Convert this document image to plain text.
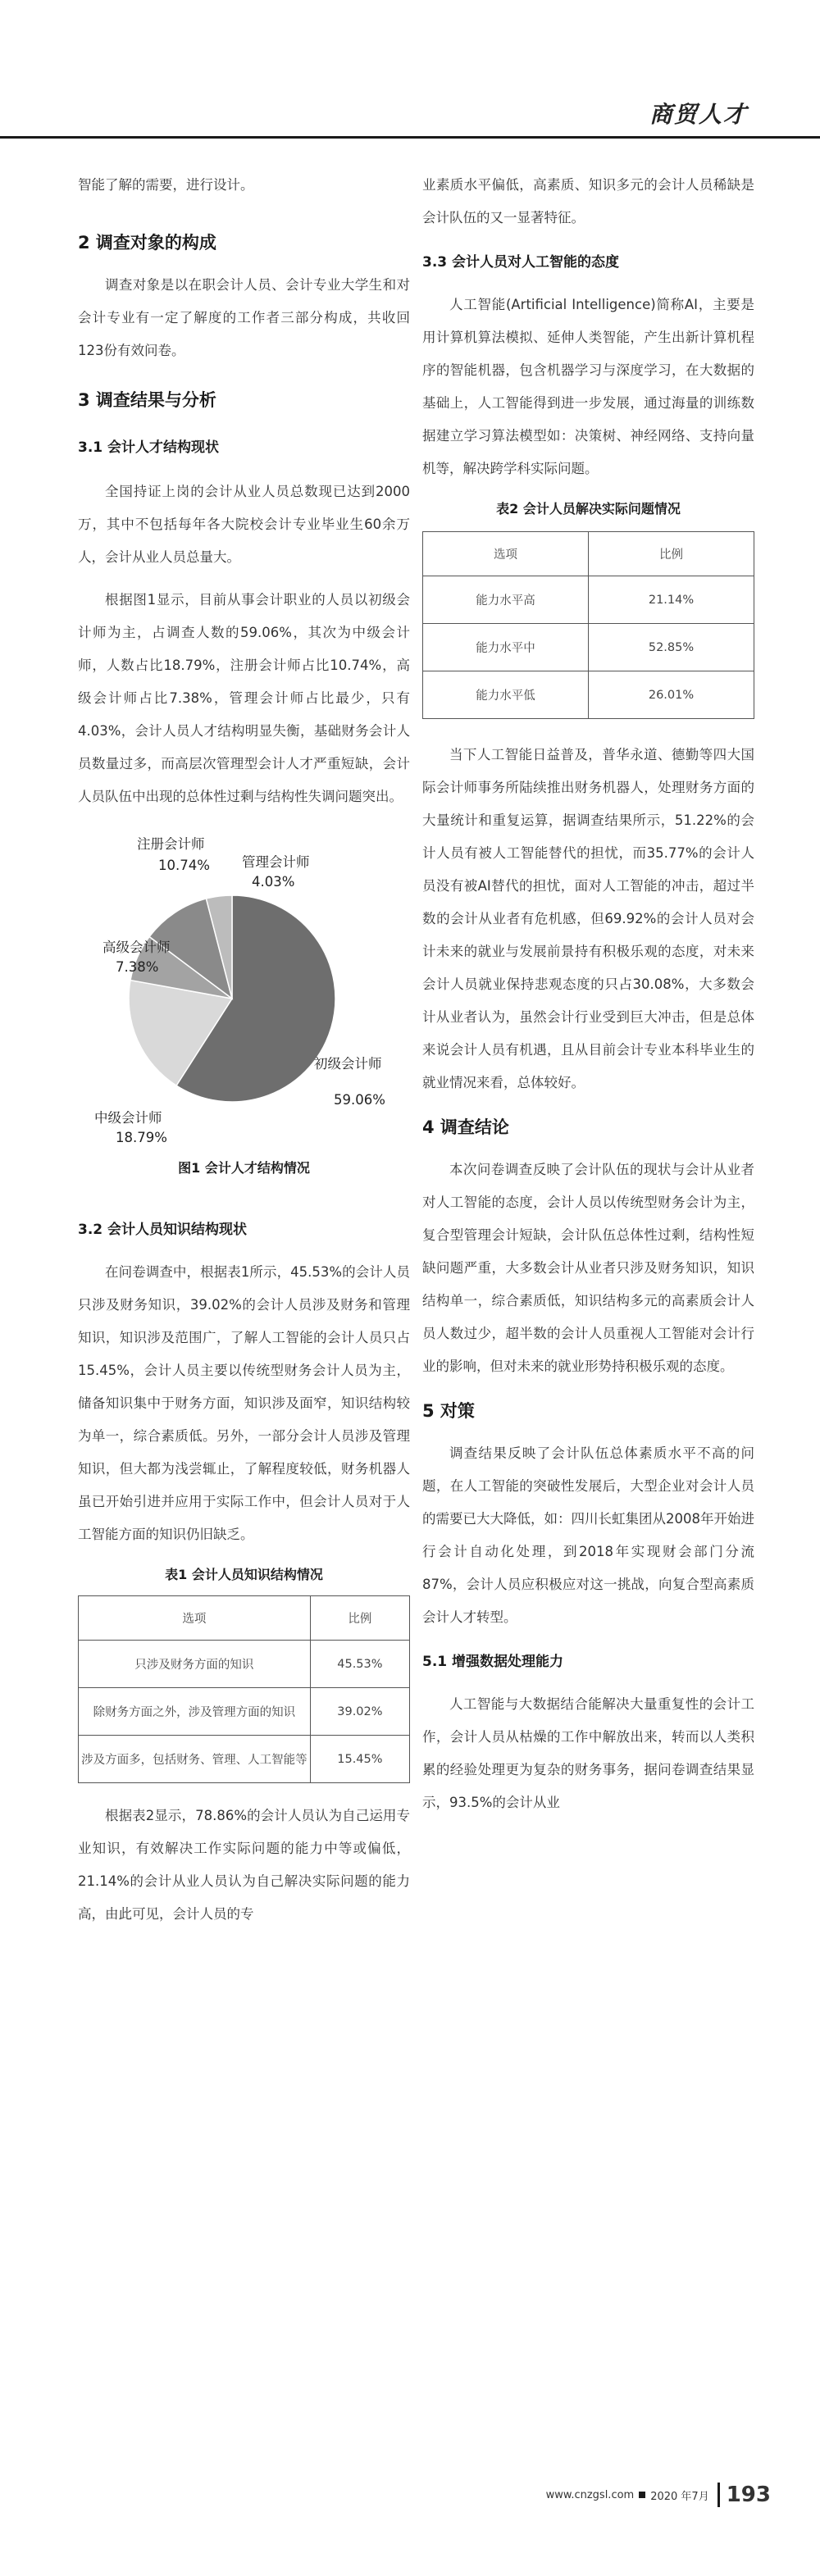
商贸人才
智能了解的需要，进行设计。
2 调查对象的构成
调查对象是以在职会计人员、会计专业大学生和对会计专业有一定了解度的工作者三部分构成，共收回123份有效问卷。
3 调查结果与分析
3.1 会计人才结构现状
全国持证上岗的会计从业人员总数现已达到2000万，其中不包括每年各大院校会计专业毕业生60余万人，会计从业人员总量大。
根据图1显示，目前从事会计职业的人员以初级会计师为主，占调查人数的59.06%，其次为中级会计师，人数占比18.79%，注册会计师占比10.74%，高级会计师占比7.38%，管理会计师占比最少，只有4.03%，会计人员人才结构明显失衡，基础财务会计人员数量过多，而高层次管理型会计人才严重短缺，会计人员队伍中出现的总体性过剩与结构性失调问题突出。
注册会计师
10.74% 管理会计师
4.03%
高级会计师
7.38%
初级会计师
59.06%
中级会计师
18.79%
图1 会计人才结构情况
3.2 会计人员知识结构现状
在问卷调查中，根据表1所示，45.53%的会计人员只涉及财务知识，39.02%的会计人员涉及财务和管理知识，知识涉及范围广，了解人工智能的会计人员只占15.45%，会计人员主要以传统型财务会计人员为主，储备知识集中于财务方面，知识涉及面窄，知识结构较为单一，综合素质低。另外，一部分会计人员涉及管理知识，但大都为浅尝辄止，了解程度较低，财务机器人虽已开始引进并应用于实际工作中，但会计人员对于人工智能方面的知识仍旧缺乏。
表1 会计人员知识结构情况
选项	比例
只涉及财务方面的知识	45.53%
除财务方面之外，涉及管理方面的知识	39.02%
涉及方面多，包括财务、管理、人工智能等	15.45%
根据表2显示，78.86%的会计人员认为自己运用专业知识，有效解决工作实际问题的能力中等或偏低，21.14%的会计从业人员认为自己解决实际问题的能力高，由此可见，会计人员的专
业素质水平偏低，高素质、知识多元的会计人员稀缺是会计队伍的又一显著特征。
3.3 会计人员对人工智能的态度
人工智能(Artificial Intelligence)简称AI，主要是用计算机算法模拟、延伸人类智能，产生出新计算机程序的智能机器，包含机器学习与深度学习，在大数据的基础上，人工智能得到进一步发展，通过海量的训练数据建立学习算法模型如：决策树、神经网络、支持向量机等，解决跨学科实际问题。
表2 会计人员解决实际问题情况
选项	比例
能力水平高	21.14%
能力水平中	52.85%
能力水平低	26.01%
当下人工智能日益普及，普华永道、德勤等四大国际会计师事务所陆续推出财务机器人，处理财务方面的大量统计和重复运算，据调查结果所示，51.22%的会计人员有被人工智能替代的担忧，而35.77%的会计人员没有被AI替代的担忧，面对人工智能的冲击，超过半数的会计从业者有危机感，但69.92%的会计人员对会计未来的就业与发展前景持有积极乐观的态度，对未来会计人员就业保持悲观态度的只占30.08%，大多数会计从业者认为，虽然会计行业受到巨大冲击，但是总体来说会计人员有机遇，且从目前会计专业本科毕业生的就业情况来看，总体较好。
4 调查结论
本次问卷调查反映了会计队伍的现状与会计从业者对人工智能的态度，会计人员以传统型财务会计为主，复合型管理会计短缺，会计队伍总体性过剩，结构性短缺问题严重，大多数会计从业者只涉及财务知识，知识结构单一，综合素质低，知识结构多元的高素质会计人员人数过少，超半数的会计人员重视人工智能对会计行业的影响，但对未来的就业形势持积极乐观的态度。
5 对策
调查结果反映了会计队伍总体素质水平不高的问题，在人工智能的突破性发展后，大型企业对会计人员的需要已大大降低，如：四川长虹集团从2008年开始进行会计自动化处理，到2018年实现财会部门分流87%，会计人员应积极应对这一挑战，向复合型高素质会计人才转型。
5.1 增强数据处理能力
人工智能与大数据结合能解决大量重复性的会计工作，会计人员从枯燥的工作中解放出来，转而以人类积累的经验处理更为复杂的财务事务，据问卷调查结果显示，93.5%的会计从业
www.cnzgsl.com 2020 年7月 193
